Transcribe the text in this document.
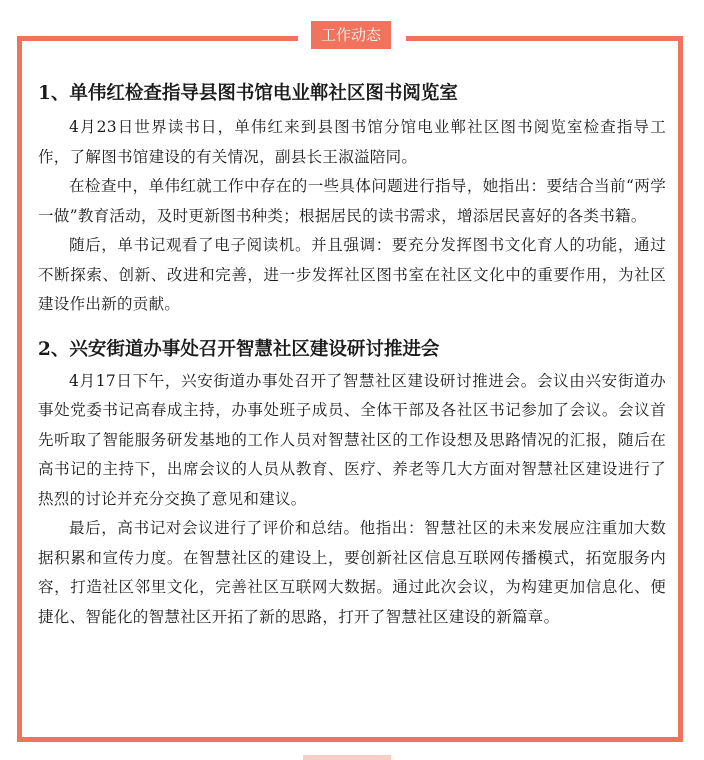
工作动态
1、单伟红检查指导县图书馆电业郸社区图书阅览室

4月23日世界读书日，单伟红来到县图书馆分馆电业郸社区图书阅览室检查指导工作，了解图书馆建设的有关情况，副县长王淑溢陪同。

在检查中，单伟红就工作中存在的一些具体问题进行指导，她指出：要结合当前“两学一做”教育活动，及时更新图书种类；根据居民的读书需求，增添居民喜好的各类书籍。

随后，单书记观看了电子阅读机。并且强调：要充分发挥图书文化育人的功能，通过不断探索、创新、改进和完善，进一步发挥社区图书室在社区文化中的重要作用，为社区建设作出新的贡献。

2、兴安街道办事处召开智慧社区建设研讨推进会

4月17日下午，兴安街道办事处召开了智慧社区建设研讨推进会。会议由兴安街道办事处党委书记高春成主持，办事处班子成员、全体干部及各社区书记参加了会议。会议首先听取了智能服务研发基地的工作人员对智慧社区的工作设想及思路情况的汇报，随后在高书记的主持下，出席会议的人员从教育、医疗、养老等几大方面对智慧社区建设进行了热烈的讨论并充分交换了意见和建议。

最后，高书记对会议进行了评价和总结。他指出：智慧社区的未来发展应注重加大数据积累和宣传力度。在智慧社区的建设上，要创新社区信息互联网传播模式，拓宽服务内容，打造社区邻里文化，完善社区互联网大数据。通过此次会议，为构建更加信息化、便捷化、智能化的智慧社区开拓了新的思路，打开了智慧社区建设的新篇章。
